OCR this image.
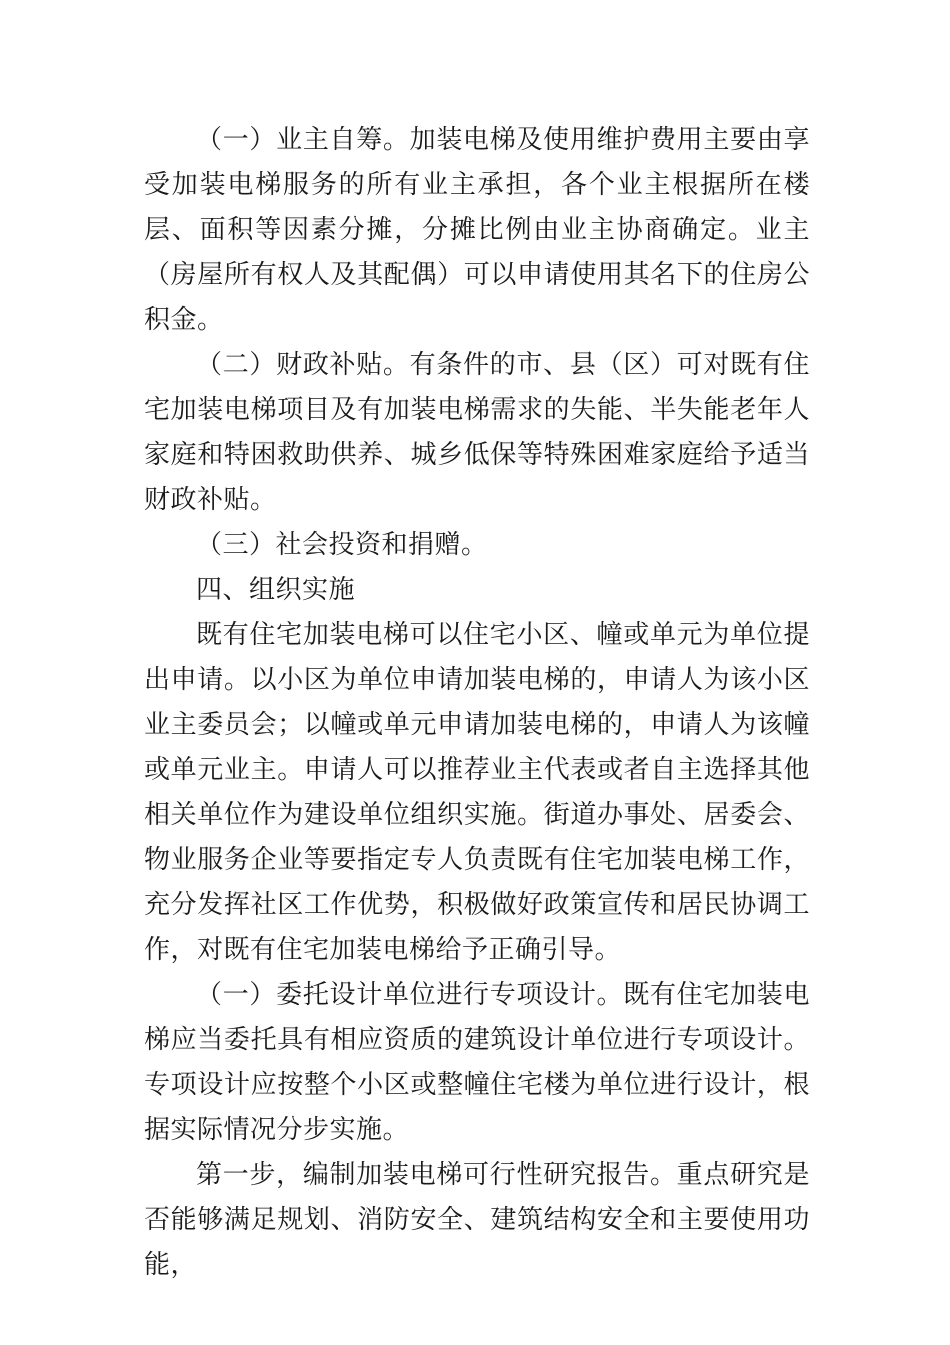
（一）业主自筹。加装电梯及使用维护费用主要由享受加装电梯服务的所有业主承担，各个业主根据所在楼层、面积等因素分摊，分摊比例由业主协商确定。业主（房屋所有权人及其配偶）可以申请使用其名下的住房公积金。

（二）财政补贴。有条件的市、县（区）可对既有住宅加装电梯项目及有加装电梯需求的失能、半失能老年人家庭和特困救助供养、城乡低保等特殊困难家庭给予适当财政补贴。

（三）社会投资和捐赠。

四、组织实施

既有住宅加装电梯可以住宅小区、幢或单元为单位提出申请。以小区为单位申请加装电梯的，申请人为该小区业主委员会；以幢或单元申请加装电梯的，申请人为该幢或单元业主。申请人可以推荐业主代表或者自主选择其他相关单位作为建设单位组织实施。街道办事处、居委会、物业服务企业等要指定专人负责既有住宅加装电梯工作，充分发挥社区工作优势，积极做好政策宣传和居民协调工作，对既有住宅加装电梯给予正确引导。

（一）委托设计单位进行专项设计。既有住宅加装电梯应当委托具有相应资质的建筑设计单位进行专项设计。专项设计应按整个小区或整幢住宅楼为单位进行设计，根据实际情况分步实施。

第一步，编制加装电梯可行性研究报告。重点研究是否能够满足规划、消防安全、建筑结构安全和主要使用功能，
